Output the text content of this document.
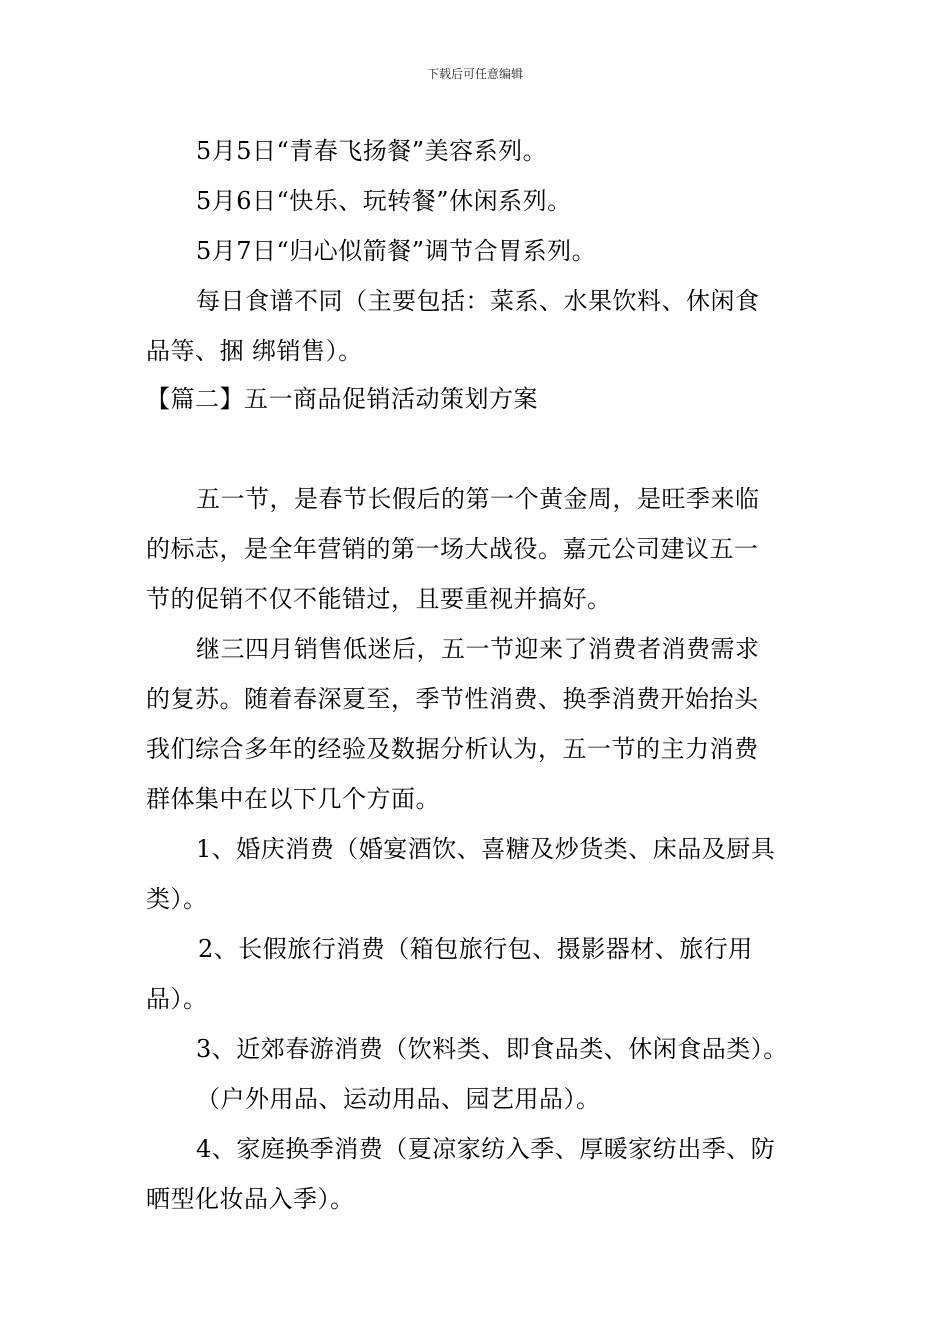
下载后可任意编辑
5月5日“青春飞扬餐”美容系列。
5月6日“快乐、玩转餐”休闲系列。
5月7日“归心似箭餐”调节合胃系列。
每日食谱不同（主要包括：菜系、水果饮料、休闲食
品等、捆 绑销售）。
【篇二】五一商品促销活动策划方案
五一节，是春节长假后的第一个黄金周，是旺季来临
的标志，是全年营销的第一场大战役。嘉元公司建议五一
节的促销不仅不能错过，且要重视并搞好。
继三四月销售低迷后，五一节迎来了消费者消费需求
的复苏。随着春深夏至，季节性消费、换季消费开始抬头
我们综合多年的经验及数据分析认为，五一节的主力消费
群体集中在以下几个方面。
1、婚庆消费（婚宴酒饮、喜糖及炒货类、床品及厨具
类）。
2、长假旅行消费（箱包旅行包、摄影器材、旅行用
品）。
3、近郊春游消费（饮料类、即食品类、休闲食品类）。
（户外用品、运动用品、园艺用品）。
4、家庭换季消费（夏凉家纺入季、厚暖家纺出季、防
晒型化妆品入季）。
